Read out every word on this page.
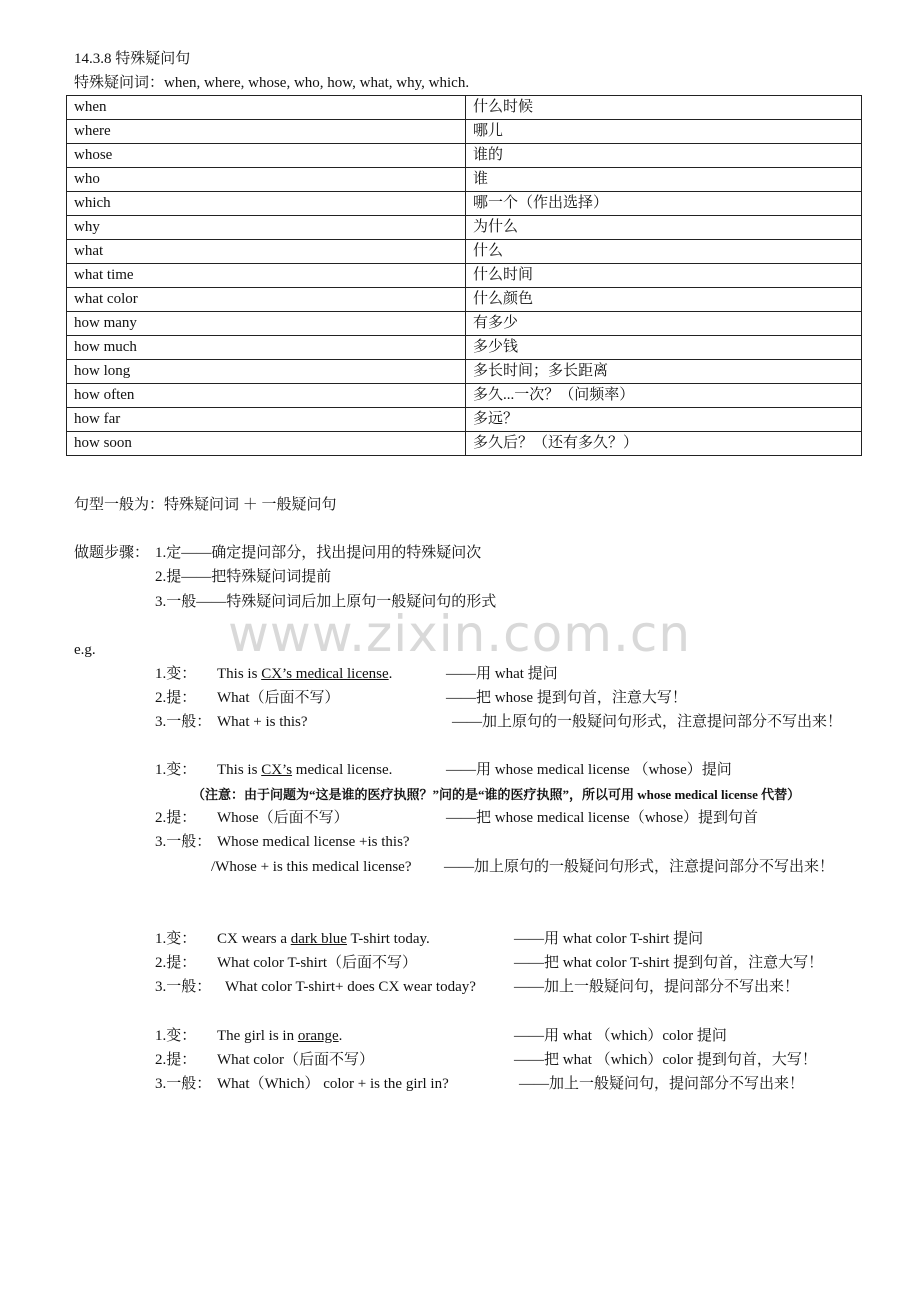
www.zixin.com.cn
14.3.8 特殊疑问句
特殊疑问词：when, where, whose, who, how, what, why, which.
when	什么时候
where	哪儿
whose	谁的
who	谁
which	哪一个（作出选择）
why	为什么
what	什么
what time	什么时间
what color	什么颜色
how many	有多少
how much	多少钱
how long	多长时间；多长距离
how often	多久...一次？（问频率）
how far	多远？
how soon	多久后？（还有多久？）
句型一般为：特殊疑问词 ＋ 一般疑问句
做题步骤： 1.定——确定提问部分，找出提问用的特殊疑问次
2.提——把特殊疑问词提前
3.一般——特殊疑问词后加上原句一般疑问句的形式
e.g.
1.变： This is CX’s medical license.	——用 what 提问
2.提： What（后面不写）	——把 whose 提到句首，注意大写！
3.一般： What + is this?	——加上原句的一般疑问句形式，注意提问部分不写出来！
1.变： This is CX’s medical license.	——用 whose medical license （whose）提问
（注意：由于问题为“这是谁的医疗执照？”问的是“谁的医疗执照”，所以可用 whose medical license 代替）
2.提： Whose（后面不写）	——把 whose medical license（whose）提到句首
3.一般： Whose medical license +is this?
/Whose + is this medical license? ——加上原句的一般疑问句形式，注意提问部分不写出来！
1.变： CX wears a dark blue T-shirt today.	——用 what color T-shirt 提问
2.提： What color T-shirt（后面不写）	——把 what color T-shirt 提到句首，注意大写！
3.一般： What color T-shirt+ does CX wear today?	——加上一般疑问句，提问部分不写出来！
1.变： The girl is in orange.	——用 what （which）color 提问
2.提： What color（后面不写）	——把 what （which）color 提到句首，大写！
3.一般： What（Which） color + is the girl in?	——加上一般疑问句，提问部分不写出来！
